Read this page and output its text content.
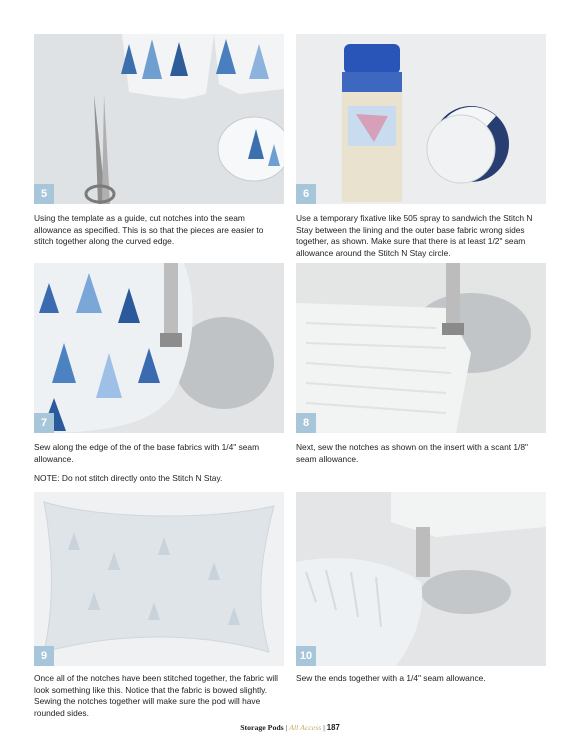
5

Using the template as a guide, cut notches into the seam allowance as specified. This is so that the pieces are easier to stitch together along the curved edge.

6

Use a temporary fixative like 505 spray to sandwich the Stitch N Stay between the lining and the outer base fabric wrong sides together, as shown. Make sure that there is at least 1/2" seam allowance around the Stitch N Stay circle.

7

Sew along the edge of the of the base fabrics with 1/4" seam allowance.

NOTE: Do not stitch directly onto the Stitch N Stay.

8

Next, sew the notches as shown on the insert with a scant 1/8" seam allowance.

9

Once all of the notches have been stitched together, the fabric will look something like this. Notice that the fabric is bowed slightly. Sewing the notches together will make sure the pod will have rounded sides.

10

Sew the ends together with a 1/4" seam allowance.

Storage Pods | All Access | 187
